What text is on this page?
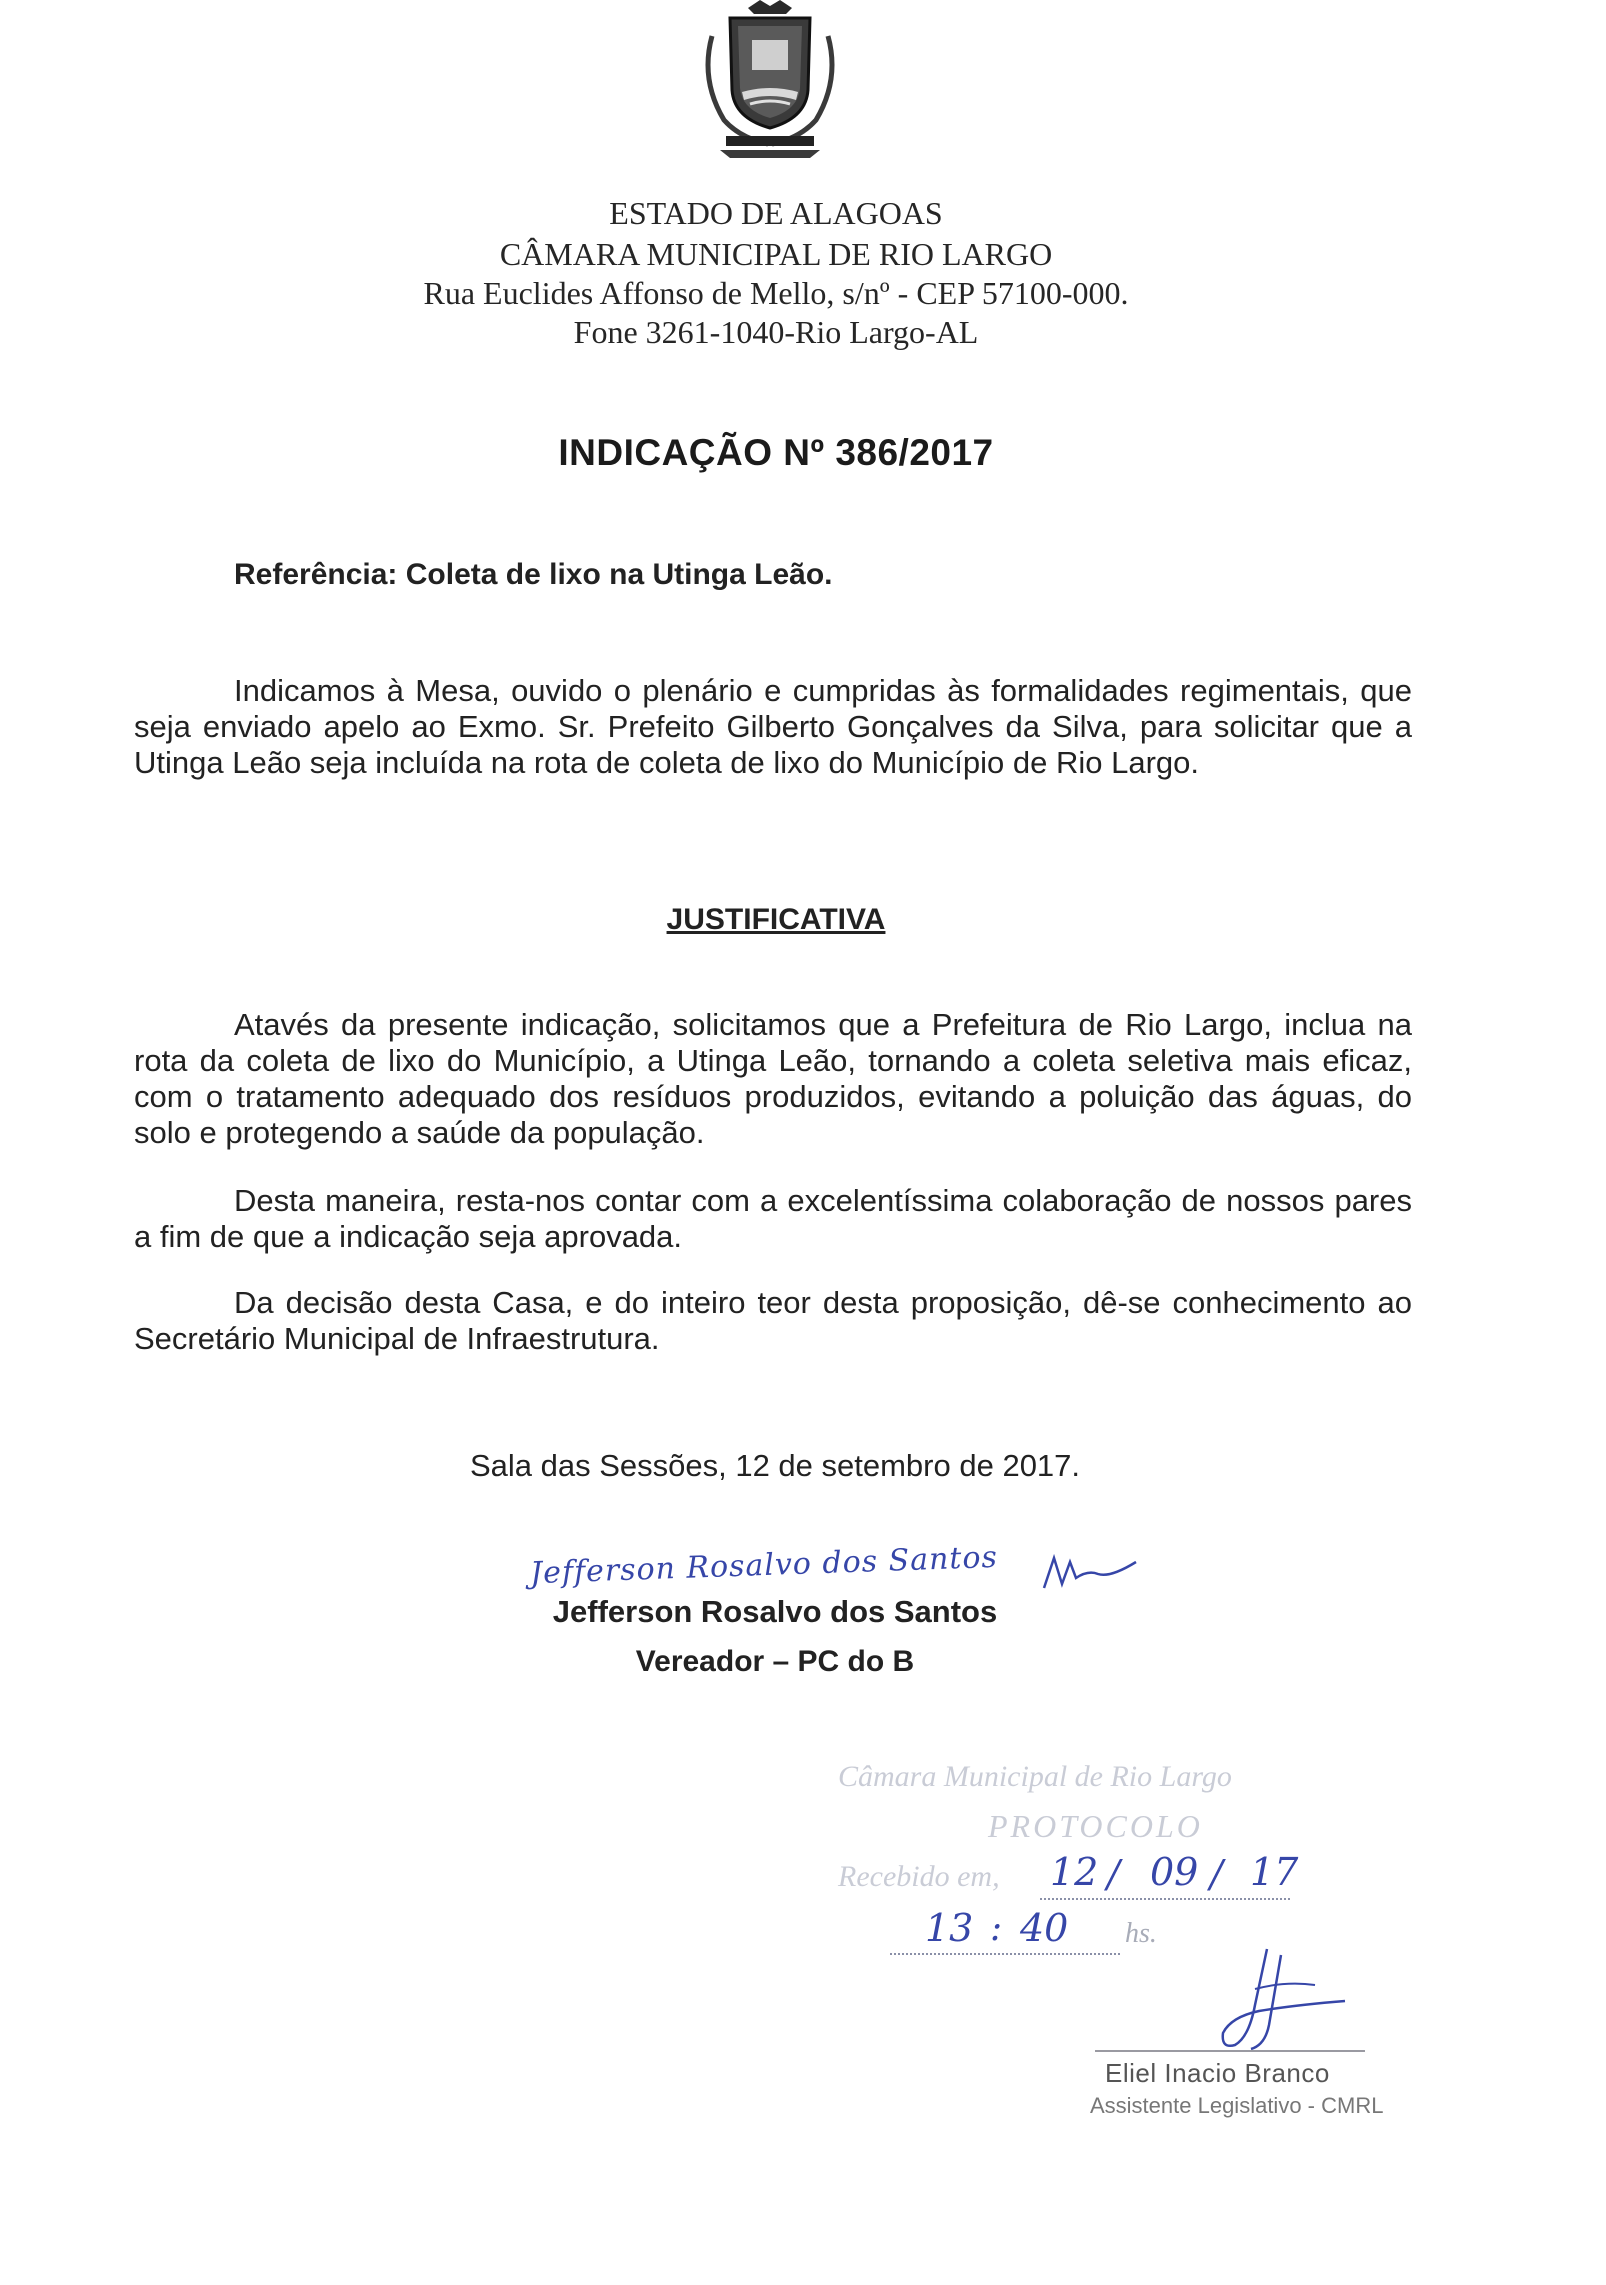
ESTADO DE ALAGOAS
CÂMARA MUNICIPAL DE RIO LARGO
Rua Euclides Affonso de Mello, s/nº - CEP 57100-000.
Fone 3261-1040-Rio Largo-AL
INDICAÇÃO Nº 386/2017
Referência: Coleta de lixo na Utinga Leão.
Indicamos à Mesa, ouvido o plenário e cumpridas às formalidades regimentais, que seja enviado apelo ao Exmo. Sr. Prefeito Gilberto Gonçalves da Silva, para solicitar que a Utinga Leão seja incluída na rota de coleta de lixo do Município de Rio Largo.
JUSTIFICATIVA
Atavés da presente indicação, solicitamos que a Prefeitura de Rio Largo, inclua na rota da coleta de lixo do Município, a Utinga Leão, tornando a coleta seletiva mais eficaz, com o tratamento adequado dos resíduos produzidos, evitando a poluição das águas, do solo e protegendo a saúde da população.
Desta maneira, resta-nos contar com a excelentíssima colaboração de nossos pares a fim de que a indicação seja aprovada.
Da decisão desta Casa, e do inteiro teor desta proposição, dê-se conhecimento ao Secretário Municipal de Infraestrutura.
Sala das Sessões, 12 de setembro de 2017.
Jefferson Rosalvo dos Santos
Jefferson Rosalvo dos Santos
Vereador – PC do B
Câmara Municipal de Rio Largo
PROTOCOLO
Recebido em, 12 / 09 / 17
13 : 40 hs.
Eliel Inacio Branco
Assistente Legislativo - CMRL
